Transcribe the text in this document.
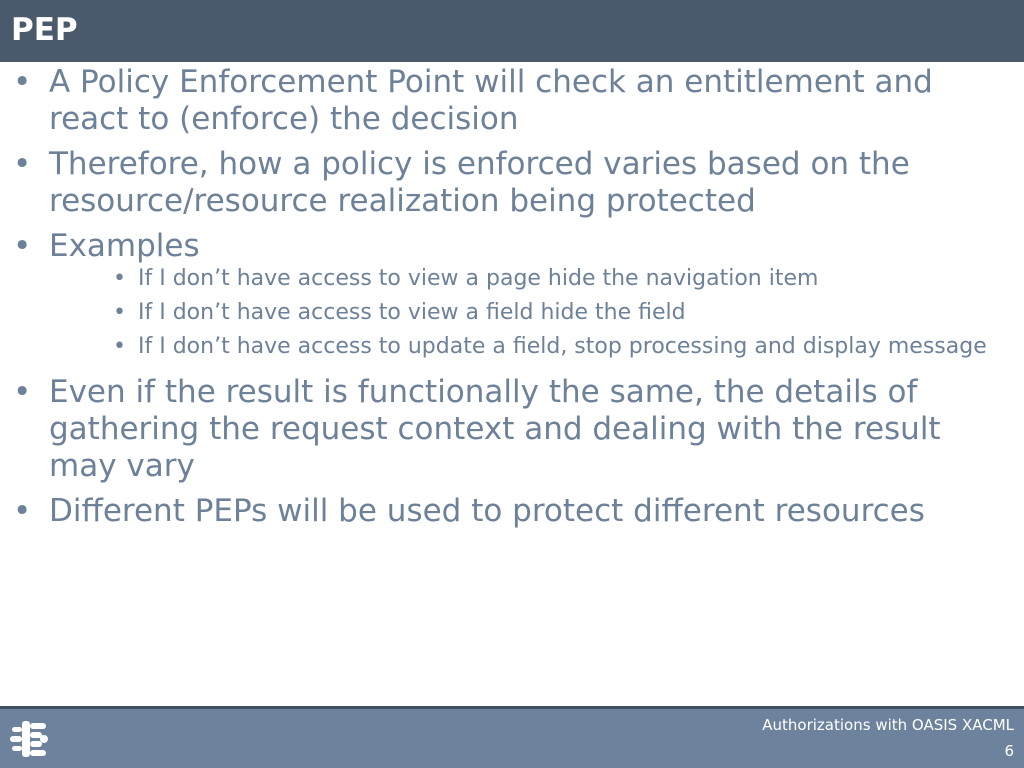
PEP
• A Policy Enforcement Point will check an entitlement and react to (enforce) the decision
• Therefore, how a policy is enforced varies based on the resource/resource realization being protected
• Examples
• If I don’t have access to view a page hide the navigation item
• If I don’t have access to view a field hide the field
• If I don’t have access to update a field, stop processing and display message
• Even if the result is functionally the same, the details of gathering the request context and dealing with the result may vary
• Different PEPs will be used to protect different resources
Authorizations with OASIS XACML
6
